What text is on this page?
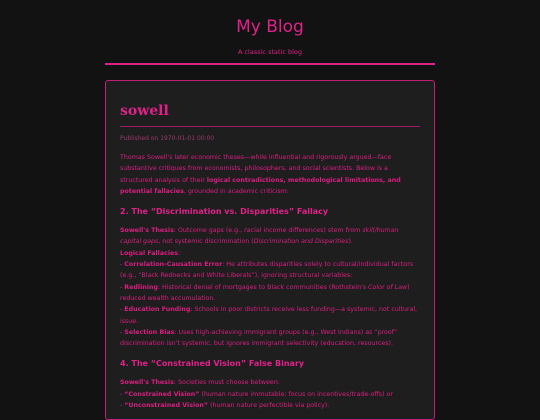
My Blog
A classic static blog
sowell
Published on 1970-01-01 00:00

Thomas Sowell's later economic theses—while influential and rigorously argued—face substantive critiques from economists, philosophers, and social scientists. Below is a structured analysis of their logical contradictions, methodological limitations, and potential fallacies, grounded in academic criticism:

2. The “Discrimination vs. Disparities” Fallacy
Sowell's Thesis: Outcome gaps (e.g., racial income differences) stem from skill/human capital gaps, not systemic discrimination (Discrimination and Disparities).
Logical Fallacies:
- Correlation-Causation Error: He attributes disparities solely to cultural/individual factors (e.g., “Black Rednecks and White Liberals”), ignoring structural variables:
- Redlining: Historical denial of mortgages to Black communities (Rothstein's Color of Law) reduced wealth accumulation.
- Education Funding: Schools in poor districts receive less funding—a systemic, not cultural, issue.
- Selection Bias: Uses high-achieving immigrant groups (e.g., West Indians) as “proof” discrimination isn't systemic, but ignores immigrant selectivity (education, resources).
4. The “Constrained Vision” False Binary
Sowell's Thesis: Societies must choose between:
- “Constrained Vision” (human nature immutable; focus on incentives/trade-offs) or
- “Unconstrained Vision” (human nature perfectible via policy).
